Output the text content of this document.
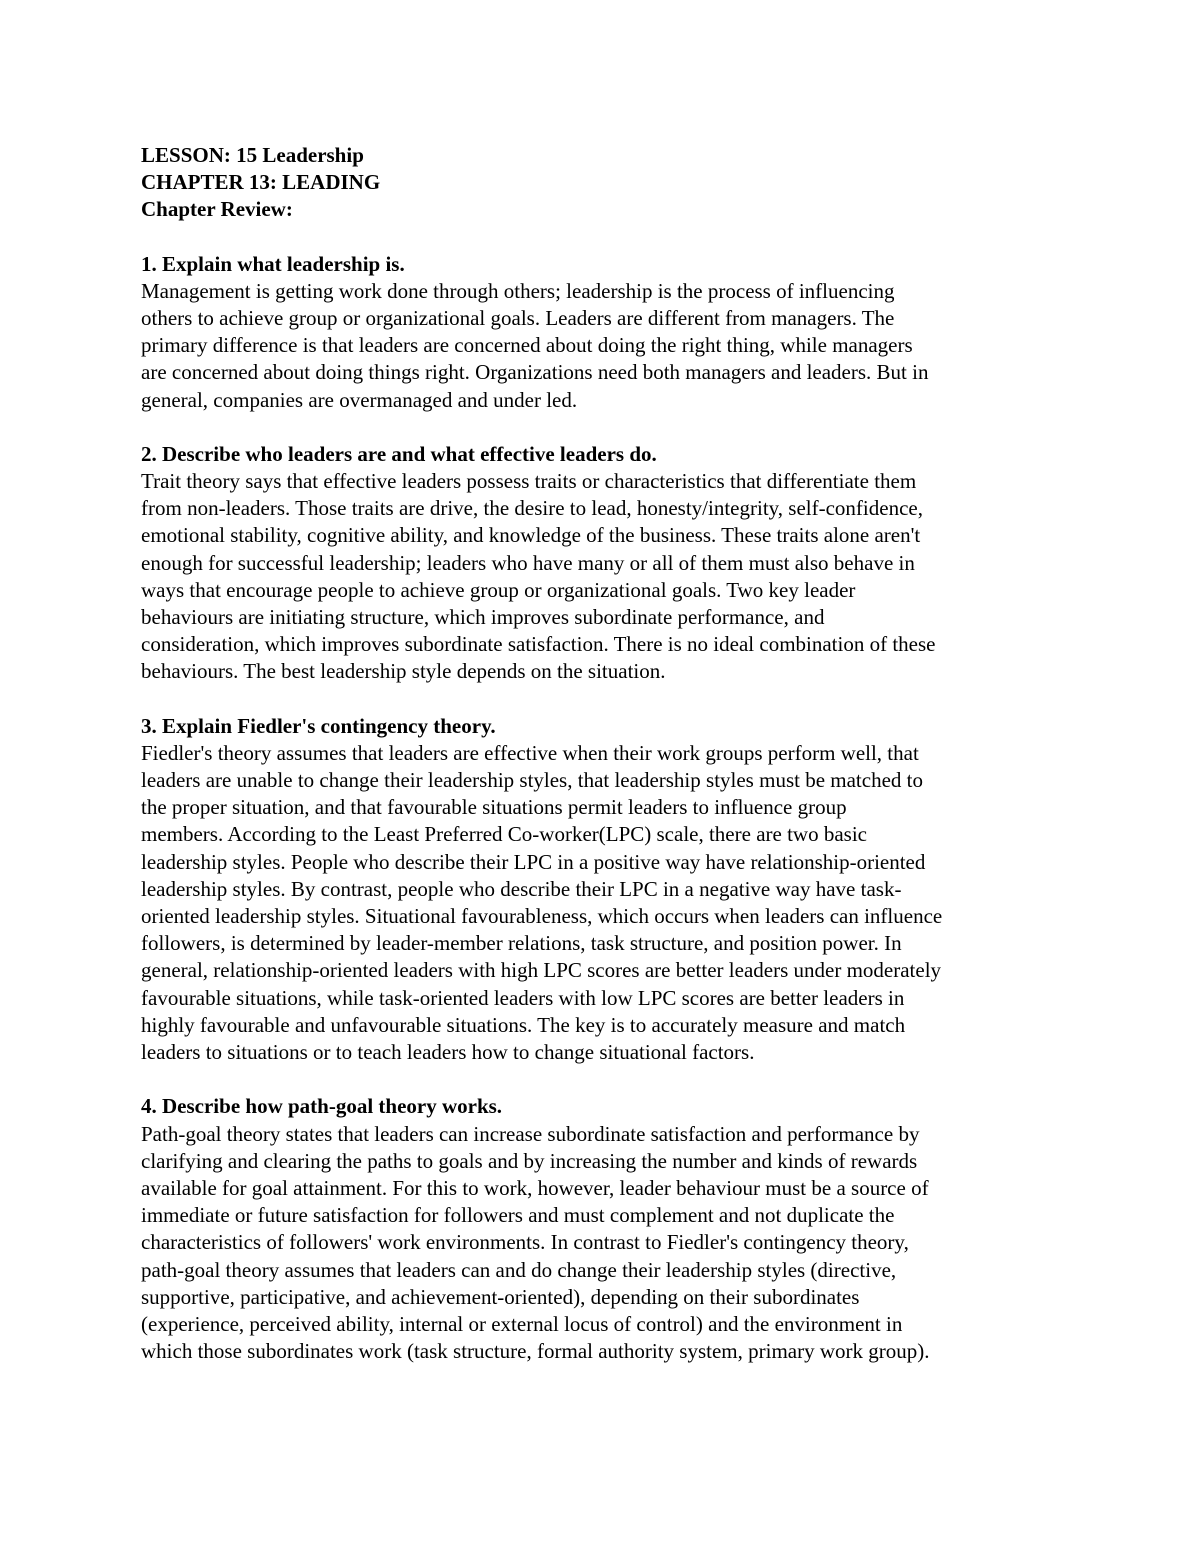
LESSON: 15 Leadership
CHAPTER 13: LEADING
Chapter Review:
1. Explain what leadership is.
Management is getting work done through others; leadership is the process of influencing
others to achieve group or organizational goals. Leaders are different from managers. The
primary difference is that leaders are concerned about doing the right thing, while managers
are concerned about doing things right. Organizations need both managers and leaders. But in
general, companies are overmanaged and under led.
2. Describe who leaders are and what effective leaders do.
Trait theory says that effective leaders possess traits or characteristics that differentiate them
from non-leaders. Those traits are drive, the desire to lead, honesty/integrity, self-confidence,
emotional stability, cognitive ability, and knowledge of the business. These traits alone aren't
enough for successful leadership; leaders who have many or all of them must also behave in
ways that encourage people to achieve group or organizational goals. Two key leader
behaviours are initiating structure, which improves subordinate performance, and
consideration, which improves subordinate satisfaction. There is no ideal combination of these
behaviours. The best leadership style depends on the situation.
3. Explain Fiedler's contingency theory.
Fiedler's theory assumes that leaders are effective when their work groups perform well, that
leaders are unable to change their leadership styles, that leadership styles must be matched to
the proper situation, and that favourable situations permit leaders to influence group
members. According to the Least Preferred Co-worker(LPC) scale, there are two basic
leadership styles. People who describe their LPC in a positive way have relationship-oriented
leadership styles. By contrast, people who describe their LPC in a negative way have task-
oriented leadership styles. Situational favourableness, which occurs when leaders can influence
followers, is determined by leader-member relations, task structure, and position power. In
general, relationship-oriented leaders with high LPC scores are better leaders under moderately
favourable situations, while task-oriented leaders with low LPC scores are better leaders in
highly favourable and unfavourable situations. The key is to accurately measure and match
leaders to situations or to teach leaders how to change situational factors.
4. Describe how path-goal theory works.
Path-goal theory states that leaders can increase subordinate satisfaction and performance by
clarifying and clearing the paths to goals and by increasing the number and kinds of rewards
available for goal attainment. For this to work, however, leader behaviour must be a source of
immediate or future satisfaction for followers and must complement and not duplicate the
characteristics of followers' work environments. In contrast to Fiedler's contingency theory,
path-goal theory assumes that leaders can and do change their leadership styles (directive,
supportive, participative, and achievement-oriented), depending on their subordinates
(experience, perceived ability, internal or external locus of control) and the environment in
which those subordinates work (task structure, formal authority system, primary work group).
